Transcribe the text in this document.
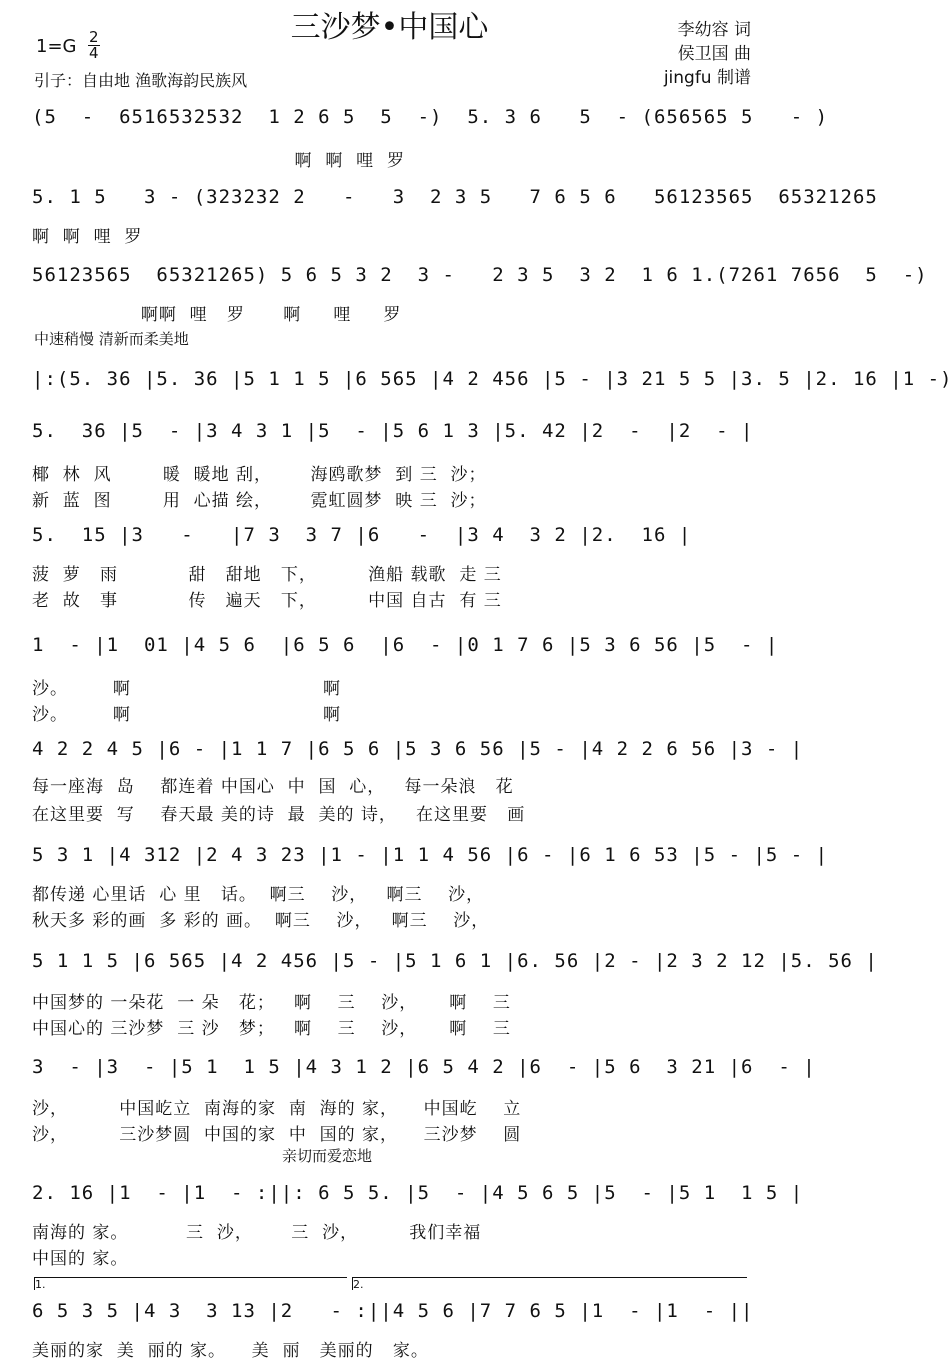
三沙梦•中国心	李幼容 词
侯卫国 曲
jingfu 制谱
1=G 2
4
引子：自由地 渔歌海韵民族风
中速稍慢 清新而柔美地
亲切而爱恋地
(5  -  6516532532  1 2 6 5  5  -)  5. 3 6   5  - (656565 5   - )
啊  啊  哩  罗
5. 1 5   3 - (323232 2   -   3  2 3 5   7 6 5 6   56123565  65321265
啊  啊  哩  罗
56123565  65321265) 5 6 5 3 2  3 -   2 3 5  3 2  1 6 1.(7261 7656  5  -)
啊啊  哩   罗      啊     哩     罗
|:(5. 36 |5. 36 |5 1 1 5 |6 565 |4 2 456 |5 - |3 21 5 5 |3. 5 |2. 16 |1 -)
5.  36 |5  - |3 4 3 1 |5  - |5 6 1 3 |5. 42 |2  -  |2  - |
椰  林  风        暖  暖地 刮，      海鸥歌梦  到 三  沙；
新  蓝  图        用  心描 绘，      霓虹圆梦  映 三  沙；
5.  15 |3   -   |7 3  3 7 |6   -  |3 4  3 2 |2.  16 |
菠  萝   雨           甜   甜地   下，        渔船 载歌  走 三
老  故   事           传   遍天   下，        中国 自古  有 三
1  - |1  01 |4 5 6  |6 5 6  |6  - |0 1 7 6 |5 3 6 56 |5  - |
沙。       啊                              啊
沙。       啊                              啊
4 2 2 4 5 |6 - |1 1 7 |6 5 6 |5 3 6 56 |5 - |4 2 2 6 56 |3 - |
每一座海  岛    都连着 中国心  中  国  心，   每一朵浪   花
在这里要  写    春天最 美的诗  最  美的 诗，   在这里要   画
5 3 1 |4 312 |2 4 3 23 |1 - |1 1 4 56 |6 - |6 1 6 53 |5 - |5 - |
都传递 心里话  心 里   话。  啊三    沙，   啊三    沙，
秋天多 彩的画  多 彩的 画。  啊三    沙，   啊三    沙，
5 1 1 5 |6 565 |4 2 456 |5 - |5 1 6 1 |6. 56 |2 - |2 3 2 12 |5. 56 |
中国梦的 一朵花  一 朵   花；   啊    三    沙，     啊    三
中国心的 三沙梦  三 沙   梦；   啊    三    沙，     啊    三
3  - |3  - |5 1  1 5 |4 3 1 2 |6 5 4 2 |6  - |5 6  3 21 |6  - |
沙，        中国屹立  南海的家  南  海的 家，    中国屹    立
沙，        三沙梦圆  中国的家  中  国的 家，    三沙梦    圆
2. 16 |1  - |1  - :||: 6 5 5. |5  - |4 5 6 5 |5  - |5 1  1 5 |
南海的 家。         三  沙，      三  沙，        我们幸福
中国的 家。
1.	2.
6 5 3 5 |4 3  3 13 |2   - :||4 5 6 |7 7 6 5 |1  - |1  - ||
美丽的家  美  丽的 家。    美  丽   美丽的   家。
